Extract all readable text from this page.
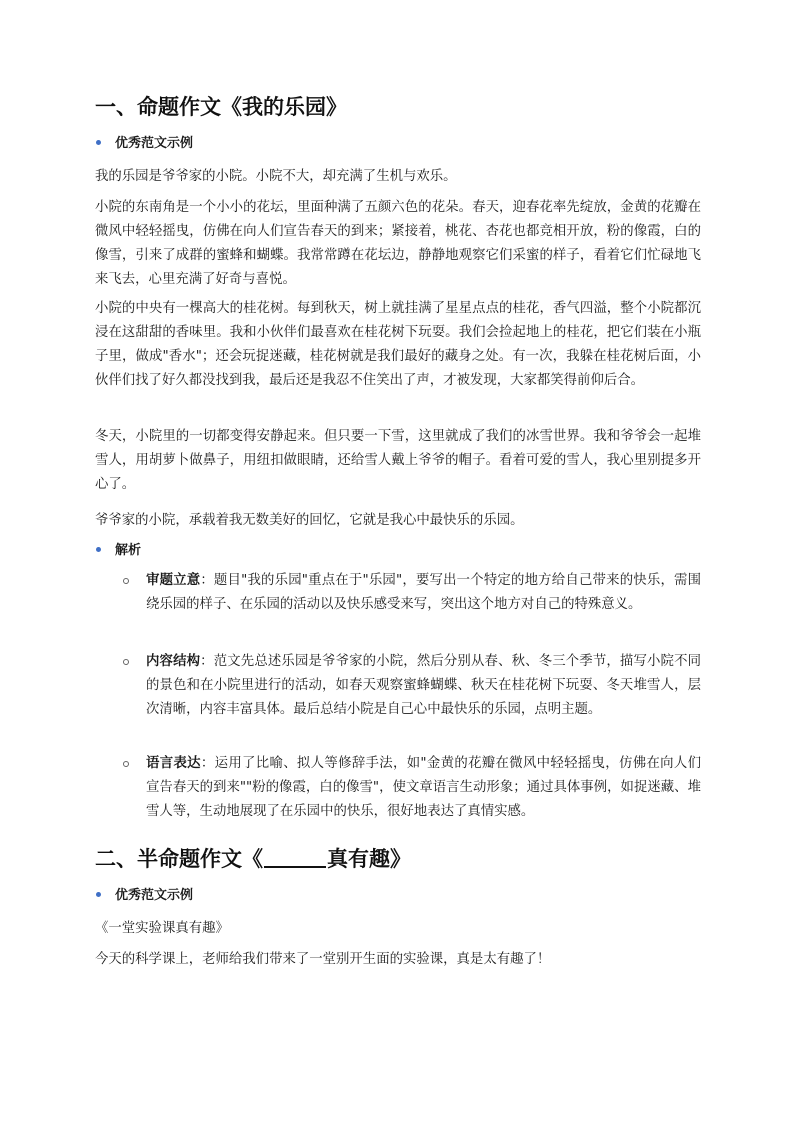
一、命题作文《我的乐园》
优秀范文示例

我的乐园是爷爷家的小院。小院不大，却充满了生机与欢乐。

小院的东南角是一个小小的花坛，里面种满了五颜六色的花朵。春天，迎春花率先绽放，金黄的花瓣在微风中轻轻摇曳，仿佛在向人们宣告春天的到来；紧接着，桃花、杏花也都竞相开放，粉的像霞，白的像雪，引来了成群的蜜蜂和蝴蝶。我常常蹲在花坛边，静静地观察它们采蜜的样子，看着它们忙碌地飞来飞去，心里充满了好奇与喜悦。

小院的中央有一棵高大的桂花树。每到秋天，树上就挂满了星星点点的桂花，香气四溢，整个小院都沉浸在这甜甜的香味里。我和小伙伴们最喜欢在桂花树下玩耍。我们会捡起地上的桂花，把它们装在小瓶子里，做成"香水"；还会玩捉迷藏，桂花树就是我们最好的藏身之处。有一次，我躲在桂花树后面，小伙伴们找了好久都没找到我，最后还是我忍不住笑出了声，才被发现，大家都笑得前仰后合。

冬天，小院里的一切都变得安静起来。但只要一下雪，这里就成了我们的冰雪世界。我和爷爷会一起堆雪人，用胡萝卜做鼻子，用纽扣做眼睛，还给雪人戴上爷爷的帽子。看着可爱的雪人，我心里别提多开心了。

爷爷家的小院，承载着我无数美好的回忆，它就是我心中最快乐的乐园。

解析
审题立意：题目"我的乐园"重点在于"乐园"，要写出一个特定的地方给自己带来的快乐，需围绕乐园的样子、在乐园的活动以及快乐感受来写，突出这个地方对自己的特殊意义。
内容结构：范文先总述乐园是爷爷家的小院，然后分别从春、秋、冬三个季节，描写小院不同的景色和在小院里进行的活动，如春天观察蜜蜂蝴蝶、秋天在桂花树下玩耍、冬天堆雪人，层次清晰，内容丰富具体。最后总结小院是自己心中最快乐的乐园，点明主题。
语言表达：运用了比喻、拟人等修辞手法，如"金黄的花瓣在微风中轻轻摇曳，仿佛在向人们宣告春天的到来""粉的像霞，白的像雪"，使文章语言生动形象；通过具体事例，如捉迷藏、堆雪人等，生动地展现了在乐园中的快乐，很好地表达了真情实感。
二、半命题作文《	真有趣》
优秀范文示例

《一堂实验课真有趣》

今天的科学课上，老师给我们带来了一堂别开生面的实验课，真是太有趣了！
